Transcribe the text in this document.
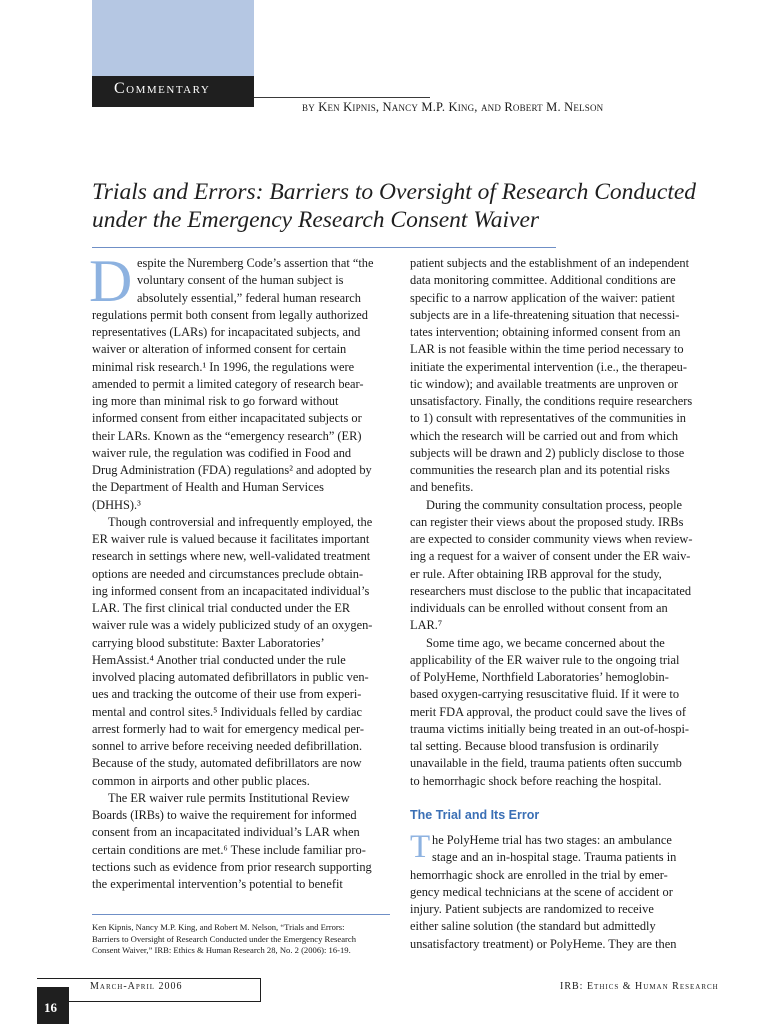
Commentary
by Ken Kipnis, Nancy M.P. King, and Robert M. Nelson
Trials and Errors: Barriers to Oversight of Research Conducted
under the Emergency Research Consent Waiver
D espite the Nuremberg Code’s assertion that “the
voluntary consent of the human subject is
absolutely essential,” federal human research
regulations permit both consent from legally authorized
representatives (LARs) for incapacitated subjects, and
waiver or alteration of informed consent for certain
minimal risk research.¹ In 1996, the regulations were
amended to permit a limited category of research bear-
ing more than minimal risk to go forward without
informed consent from either incapacitated subjects or
their LARs. Known as the “emergency research” (ER)
waiver rule, the regulation was codified in Food and
Drug Administration (FDA) regulations² and adopted by
the Department of Health and Human Services
(DHHS).³
Though controversial and infrequently employed, the
ER waiver rule is valued because it facilitates important
research in settings where new, well-validated treatment
options are needed and circumstances preclude obtain-
ing informed consent from an incapacitated individual’s
LAR. The first clinical trial conducted under the ER
waiver rule was a widely publicized study of an oxygen-
carrying blood substitute: Baxter Laboratories’
HemAssist.⁴ Another trial conducted under the rule
involved placing automated defibrillators in public ven-
ues and tracking the outcome of their use from experi-
mental and control sites.⁵ Individuals felled by cardiac
arrest formerly had to wait for emergency medical per-
sonnel to arrive before receiving needed defibrillation.
Because of the study, automated defibrillators are now
common in airports and other public places.
The ER waiver rule permits Institutional Review
Boards (IRBs) to waive the requirement for informed
consent from an incapacitated individual’s LAR when
certain conditions are met.⁶ These include familiar pro-
tections such as evidence from prior research supporting
the experimental intervention’s potential to benefit
patient subjects and the establishment of an independent
data monitoring committee. Additional conditions are
specific to a narrow application of the waiver: patient
subjects are in a life-threatening situation that necessi-
tates intervention; obtaining informed consent from an
LAR is not feasible within the time period necessary to
initiate the experimental intervention (i.e., the therapeu-
tic window); and available treatments are unproven or
unsatisfactory. Finally, the conditions require researchers
to 1) consult with representatives of the communities in
which the research will be carried out and from which
subjects will be drawn and 2) publicly disclose to those
communities the research plan and its potential risks
and benefits.
During the community consultation process, people
can register their views about the proposed study. IRBs
are expected to consider community views when review-
ing a request for a waiver of consent under the ER waiv-
er rule. After obtaining IRB approval for the study,
researchers must disclose to the public that incapacitated
individuals can be enrolled without consent from an
LAR.⁷
Some time ago, we became concerned about the
applicability of the ER waiver rule to the ongoing trial
of PolyHeme, Northfield Laboratories’ hemoglobin-
based oxygen-carrying resuscitative fluid. If it were to
merit FDA approval, the product could save the lives of
trauma victims initially being treated in an out-of-hospi-
tal setting. Because blood transfusion is ordinarily
unavailable in the field, trauma patients often succumb
to hemorrhagic shock before reaching the hospital.
The Trial and Its Error
T he PolyHeme trial has two stages: an ambulance
stage and an in-hospital stage. Trauma patients in
hemorrhagic shock are enrolled in the trial by emer-
gency medical technicians at the scene of accident or
injury. Patient subjects are randomized to receive
either saline solution (the standard but admittedly
unsatisfactory treatment) or PolyHeme. They are then
Ken Kipnis, Nancy M.P. King, and Robert M. Nelson, “Trials and Errors:
Barriers to Oversight of Research Conducted under the Emergency Research
Consent Waiver,” IRB: Ethics & Human Research 28, No. 2 (2006): 16-19.
March-April 2006
16
IRB: Ethics & Human Research
